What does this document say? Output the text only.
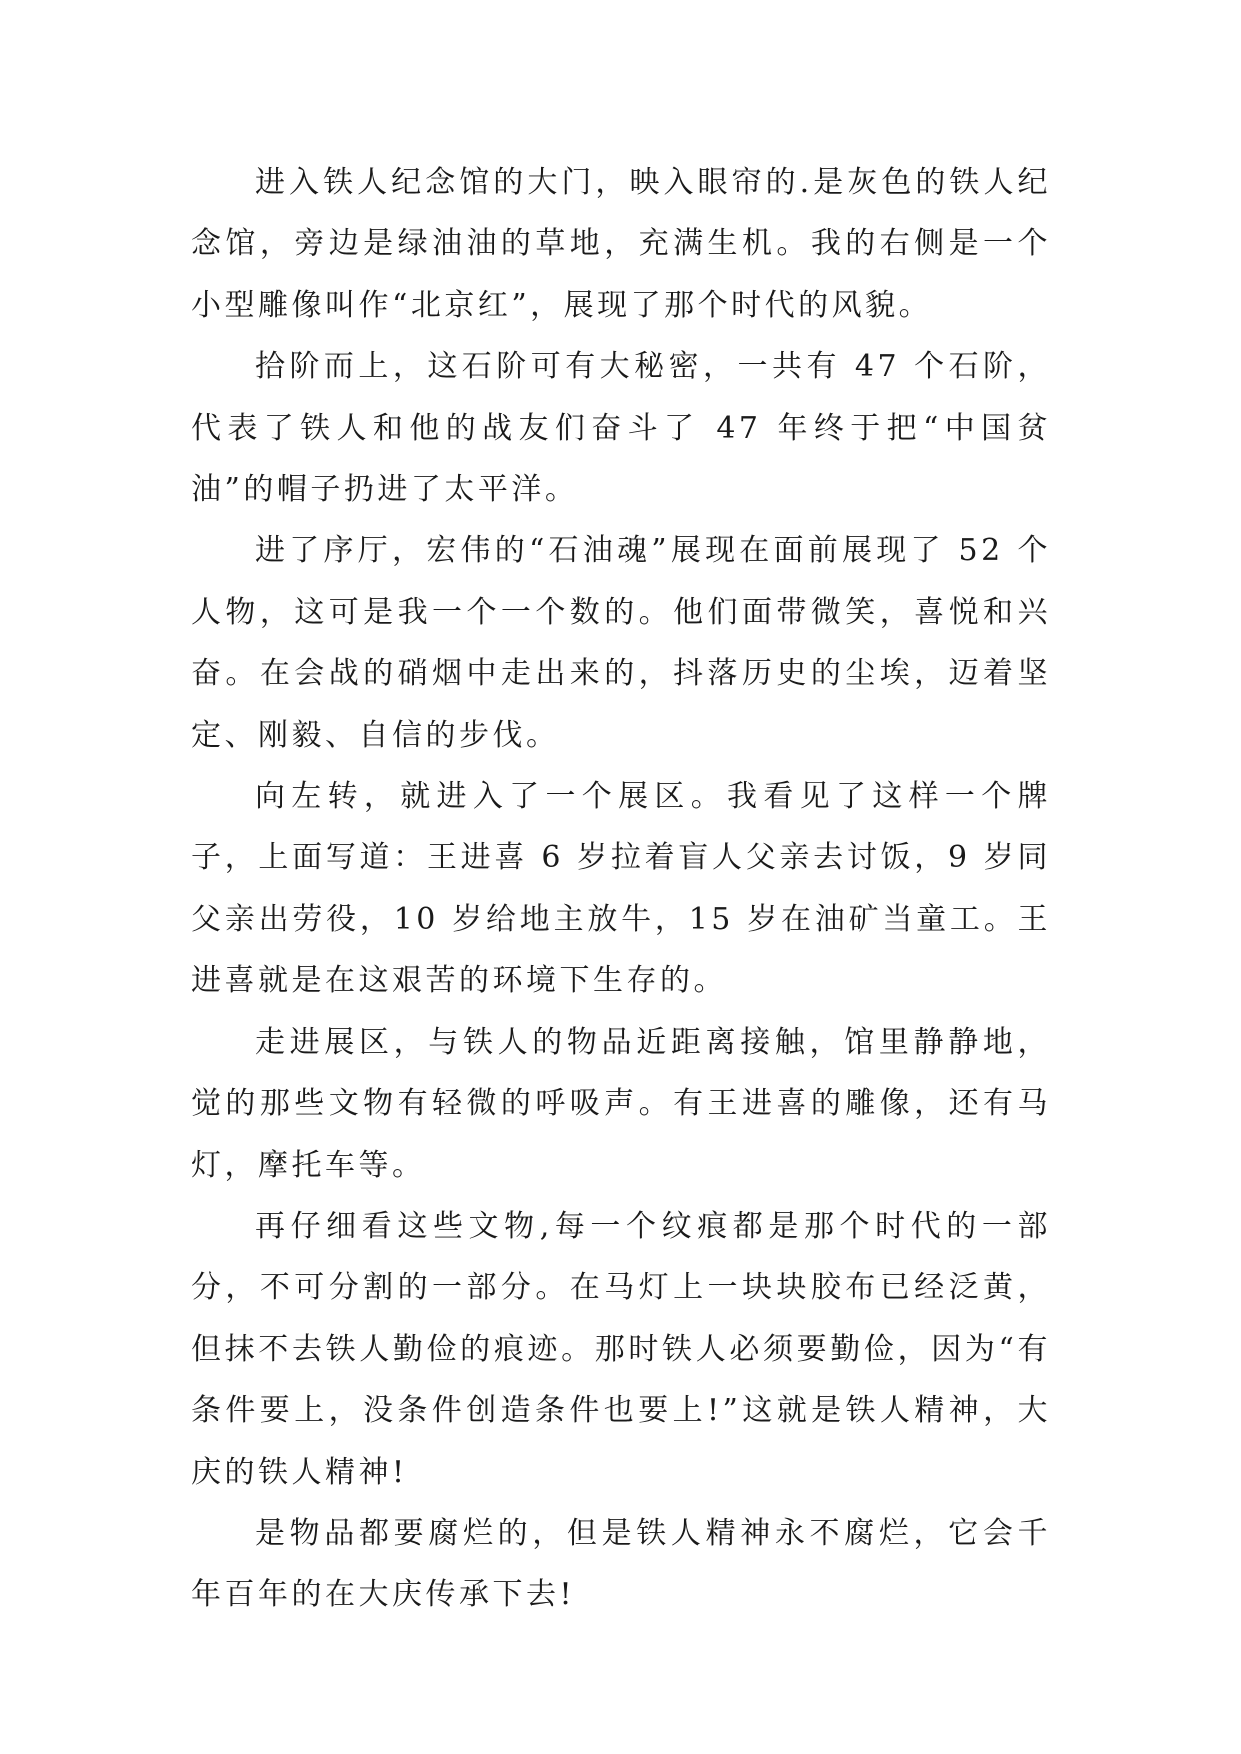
进入铁人纪念馆的大门，映入眼帘的.是灰色的铁人纪念馆，旁边是绿油油的草地，充满生机。我的右侧是一个小型雕像叫作“北京红”，展现了那个时代的风貌。

拾阶而上，这石阶可有大秘密，一共有 47 个石阶，代表了铁人和他的战友们奋斗了 47 年终于把“中国贫油”的帽子扔进了太平洋。

进了序厅，宏伟的“石油魂”展现在面前展现了 52 个人物，这可是我一个一个数的。他们面带微笑，喜悦和兴奋。在会战的硝烟中走出来的，抖落历史的尘埃，迈着坚定、刚毅、自信的步伐。

向左转，就进入了一个展区。我看见了这样一个牌子，上面写道：王进喜 6 岁拉着盲人父亲去讨饭，9 岁同父亲出劳役，10 岁给地主放牛，15 岁在油矿当童工。王进喜就是在这艰苦的环境下生存的。

走进展区，与铁人的物品近距离接触，馆里静静地，觉的那些文物有轻微的呼吸声。有王进喜的雕像，还有马灯，摩托车等。

再仔细看这些文物,每一个纹痕都是那个时代的一部分，不可分割的一部分。在马灯上一块块胶布已经泛黄，但抹不去铁人勤俭的痕迹。那时铁人必须要勤俭，因为“有条件要上，没条件创造条件也要上!”这就是铁人精神，大庆的铁人精神!

是物品都要腐烂的，但是铁人精神永不腐烂，它会千年百年的在大庆传承下去!
